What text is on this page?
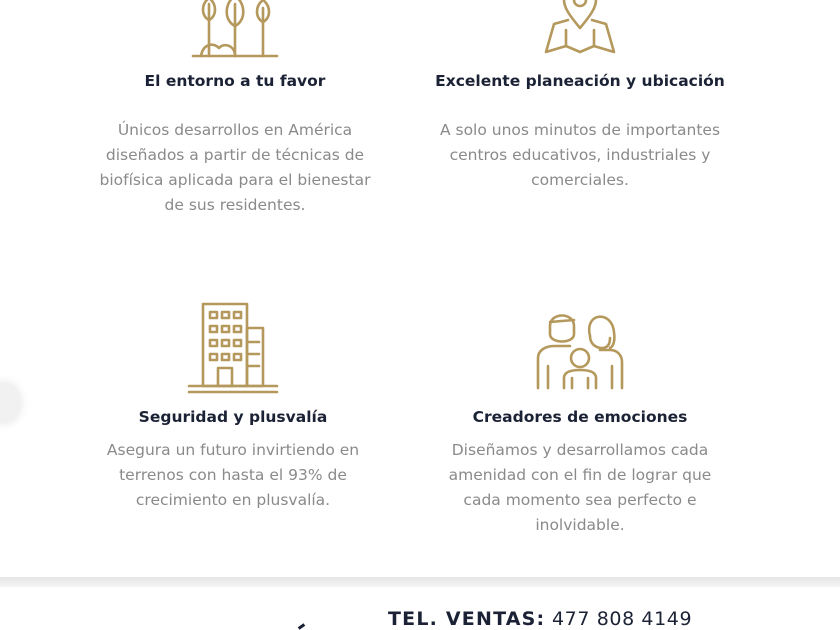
El entorno a tu favor
Únicos desarrollos en América diseñados a partir de técnicas de biofísica aplicada para el bienestar de sus residentes.
Excelente planeación y ubicación
A solo unos minutos de importantes centros educativos, industriales y comerciales.
Seguridad y plusvalía
Asegura un futuro invirtiendo en terrenos con hasta el 93% de crecimiento en plusvalía.
Creadores de emociones
Diseñamos y desarrollamos cada amenidad con el fin de lograr que cada momento sea perfecto e inolvidable.
TEL. VENTAS: 477 808 4149
